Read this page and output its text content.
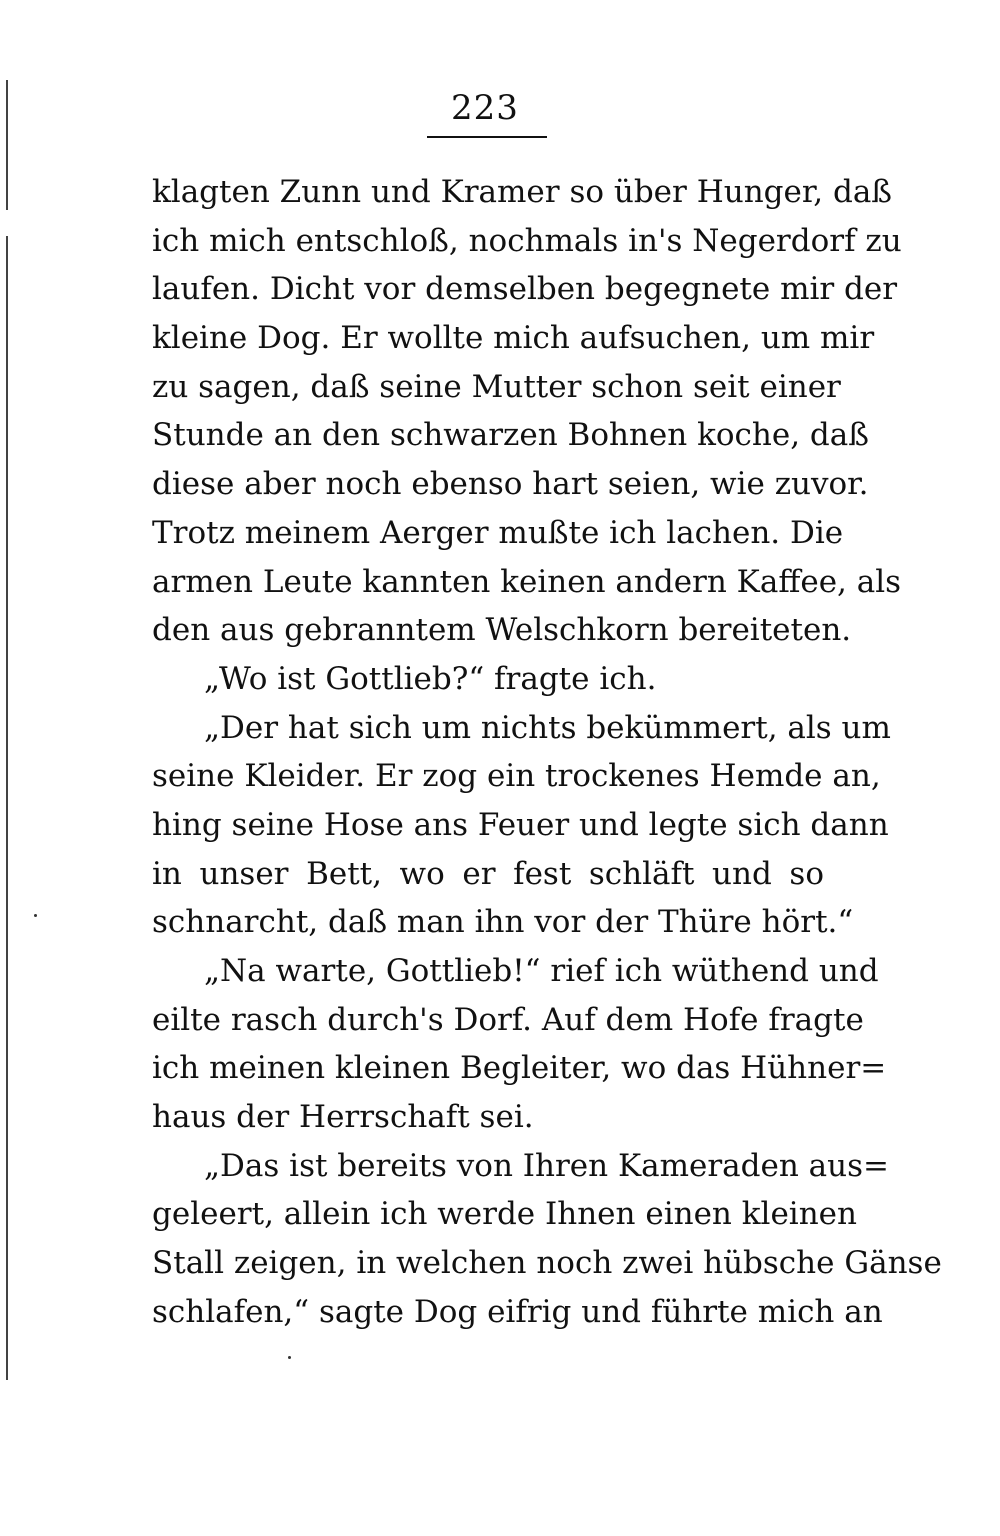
223
klagten Zunn und Kramer so über Hunger, daß
ich mich entschloß, nochmals in's Negerdorf zu
laufen. Dicht vor demselben begegnete mir der
kleine Dog. Er wollte mich aufsuchen, um mir
zu sagen, daß seine Mutter schon seit einer
Stunde an den schwarzen Bohnen koche, daß
diese aber noch ebenso hart seien, wie zuvor.
Trotz meinem Aerger mußte ich lachen. Die
armen Leute kannten keinen andern Kaffee, als
den aus gebranntem Welschkorn bereiteten.
„Wo ist Gottlieb?“ fragte ich.
„Der hat sich um nichts bekümmert, als um
seine Kleider. Er zog ein trockenes Hemde an,
hing seine Hose ans Feuer und legte sich dann
in unser Bett, wo er fest schläft und so
schnarcht, daß man ihn vor der Thüre hört.“
„Na warte, Gottlieb!“ rief ich wüthend und
eilte rasch durch's Dorf. Auf dem Hofe fragte
ich meinen kleinen Begleiter, wo das Hühner=
haus der Herrschaft sei.
„Das ist bereits von Ihren Kameraden aus=
geleert, allein ich werde Ihnen einen kleinen
Stall zeigen, in welchen noch zwei hübsche Gänse
schlafen,“ sagte Dog eifrig und führte mich an
